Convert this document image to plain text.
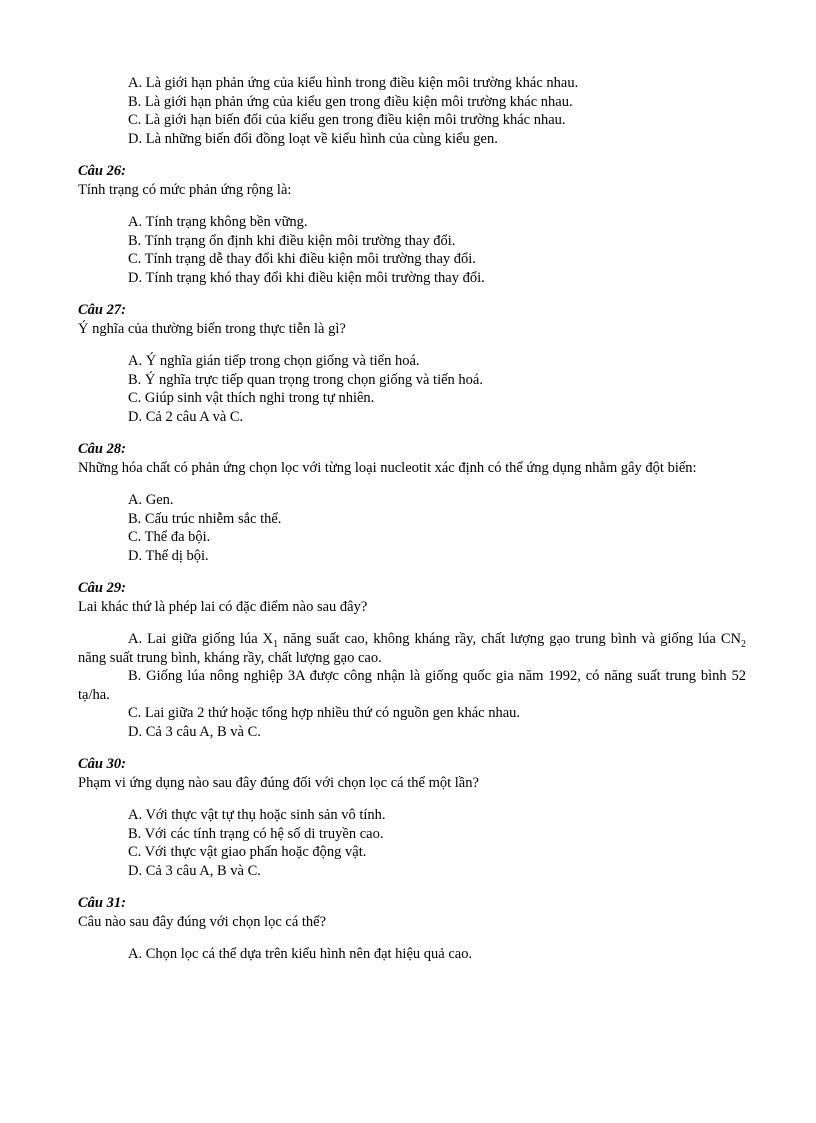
A. Là giới hạn phản ứng của kiểu hình trong điều kiện môi trường khác nhau.
B. Là giới hạn phản ứng của kiểu gen trong điều kiện môi trường khác nhau.
C. Là giới hạn biến đổi của kiểu gen trong điều kiện môi trường khác nhau.
D. Là những biến đổi đồng loạt về kiểu hình của cùng kiểu gen.
Câu 26:
Tính trạng có mức phản ứng rộng là:
A. Tính trạng không bền vững.
B. Tính trạng ổn định khi điều kiện môi trường thay đổi.
C. Tính trạng dễ thay đổi khi điều kiện môi trường thay đổi.
D. Tính trạng khó thay đổi khi điều kiện môi trường thay đổi.
Câu 27:
Ý nghĩa của thường biến trong thực tiễn là gì?
A. Ý nghĩa gián tiếp trong chọn giống và tiến hoá.
B. Ý nghĩa trực tiếp quan trọng trong chọn giống và tiến hoá.
C. Giúp sinh vật thích nghi trong tự nhiên.
D. Cả 2 câu A và C.
Câu 28:
Những hóa chất có phản ứng chọn lọc với từng loại nucleotit xác định có thể ứng dụng nhằm gây đột biến:
A. Gen.
B. Cấu trúc nhiễm sắc thể.
C. Thể đa bội.
D. Thể dị bội.
Câu 29:
Lai khác thứ là phép lai có đặc điểm nào sau đây?
A. Lai giữa giống lúa $X_1$ năng suất cao, không kháng rầy, chất lượng gạo trung bình và giống lúa $CN_2$ năng suất trung bình, kháng rầy, chất lượng gạo cao.
B. Giống lúa nông nghiệp 3A được công nhận là giống quốc gia năm 1992, có năng suất trung bình 52 tạ/ha.
C. Lai giữa 2 thứ hoặc tổng hợp nhiều thứ có nguồn gen khác nhau.
D. Cả 3 câu A, B và C.
Câu 30:
Phạm vi ứng dụng nào sau đây đúng đối với chọn lọc cá thể một lần?
A. Với thực vật tự thụ hoặc sinh sản vô tính.
B. Với các tính trạng có hệ số di truyền cao.
C. Với thực vật giao phấn hoặc động vật.
D. Cả 3 câu A, B và C.
Câu 31:
Câu nào sau đây đúng với chọn lọc cá thể?
A. Chọn lọc cá thể dựa trên kiểu hình nên đạt hiệu quả cao.
